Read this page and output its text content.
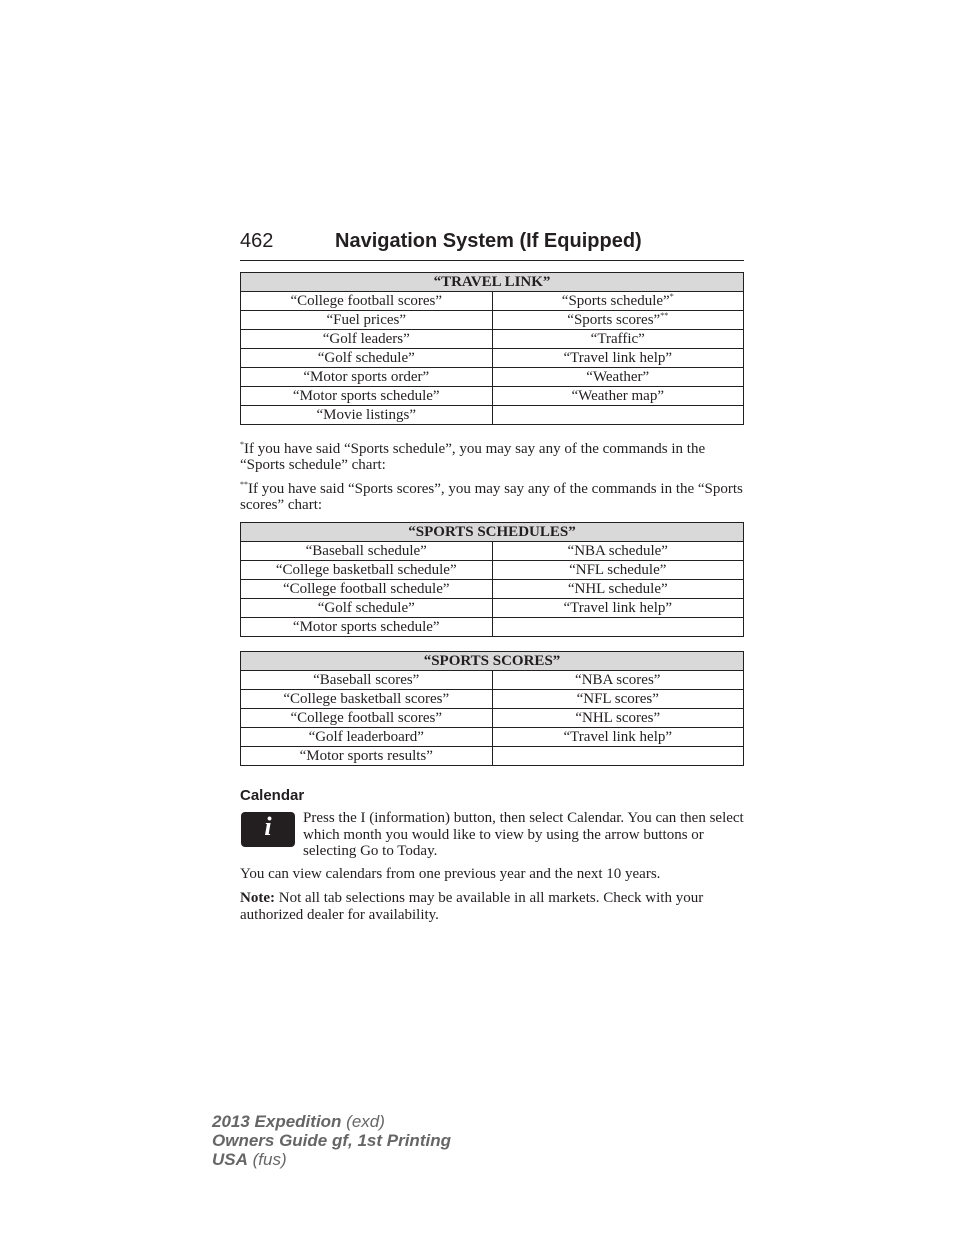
462	Navigation System (If Equipped)
“TRAVEL LINK”	
“College football scores”	“Sports schedule”*
“Fuel prices”	“Sports scores”**
“Golf leaders”	“Traffic”
“Golf schedule”	“Travel link help”
“Motor sports order”	“Weather”
“Motor sports schedule”	“Weather map”
“Movie listings”	

*If you have said “Sports schedule”, you may say any of the commands in the “Sports schedule” chart:

**If you have said “Sports scores”, you may say any of the commands in the “Sports scores” chart:

“SPORTS SCHEDULES”	
“Baseball schedule”	“NBA schedule”
“College basketball schedule”	“NFL schedule”
“College football schedule”	“NHL schedule”
“Golf schedule”	“Travel link help”
“Motor sports schedule”	
“SPORTS SCORES”	
“Baseball scores”	“NBA scores”
“College basketball scores”	“NFL scores”
“College football scores”	“NHL scores”
“Golf leaderboard”	“Travel link help”
“Motor sports results”	
Calendar
i	Press the I (information) button, then select Calendar. You can then select which month you would like to view by using the arrow buttons or selecting Go to Today.

You can view calendars from one previous year and the next 10 years.

Note: Not all tab selections may be available in all markets. Check with your authorized dealer for availability.

2013 Expedition (exd)
Owners Guide gf, 1st Printing
USA (fus)
